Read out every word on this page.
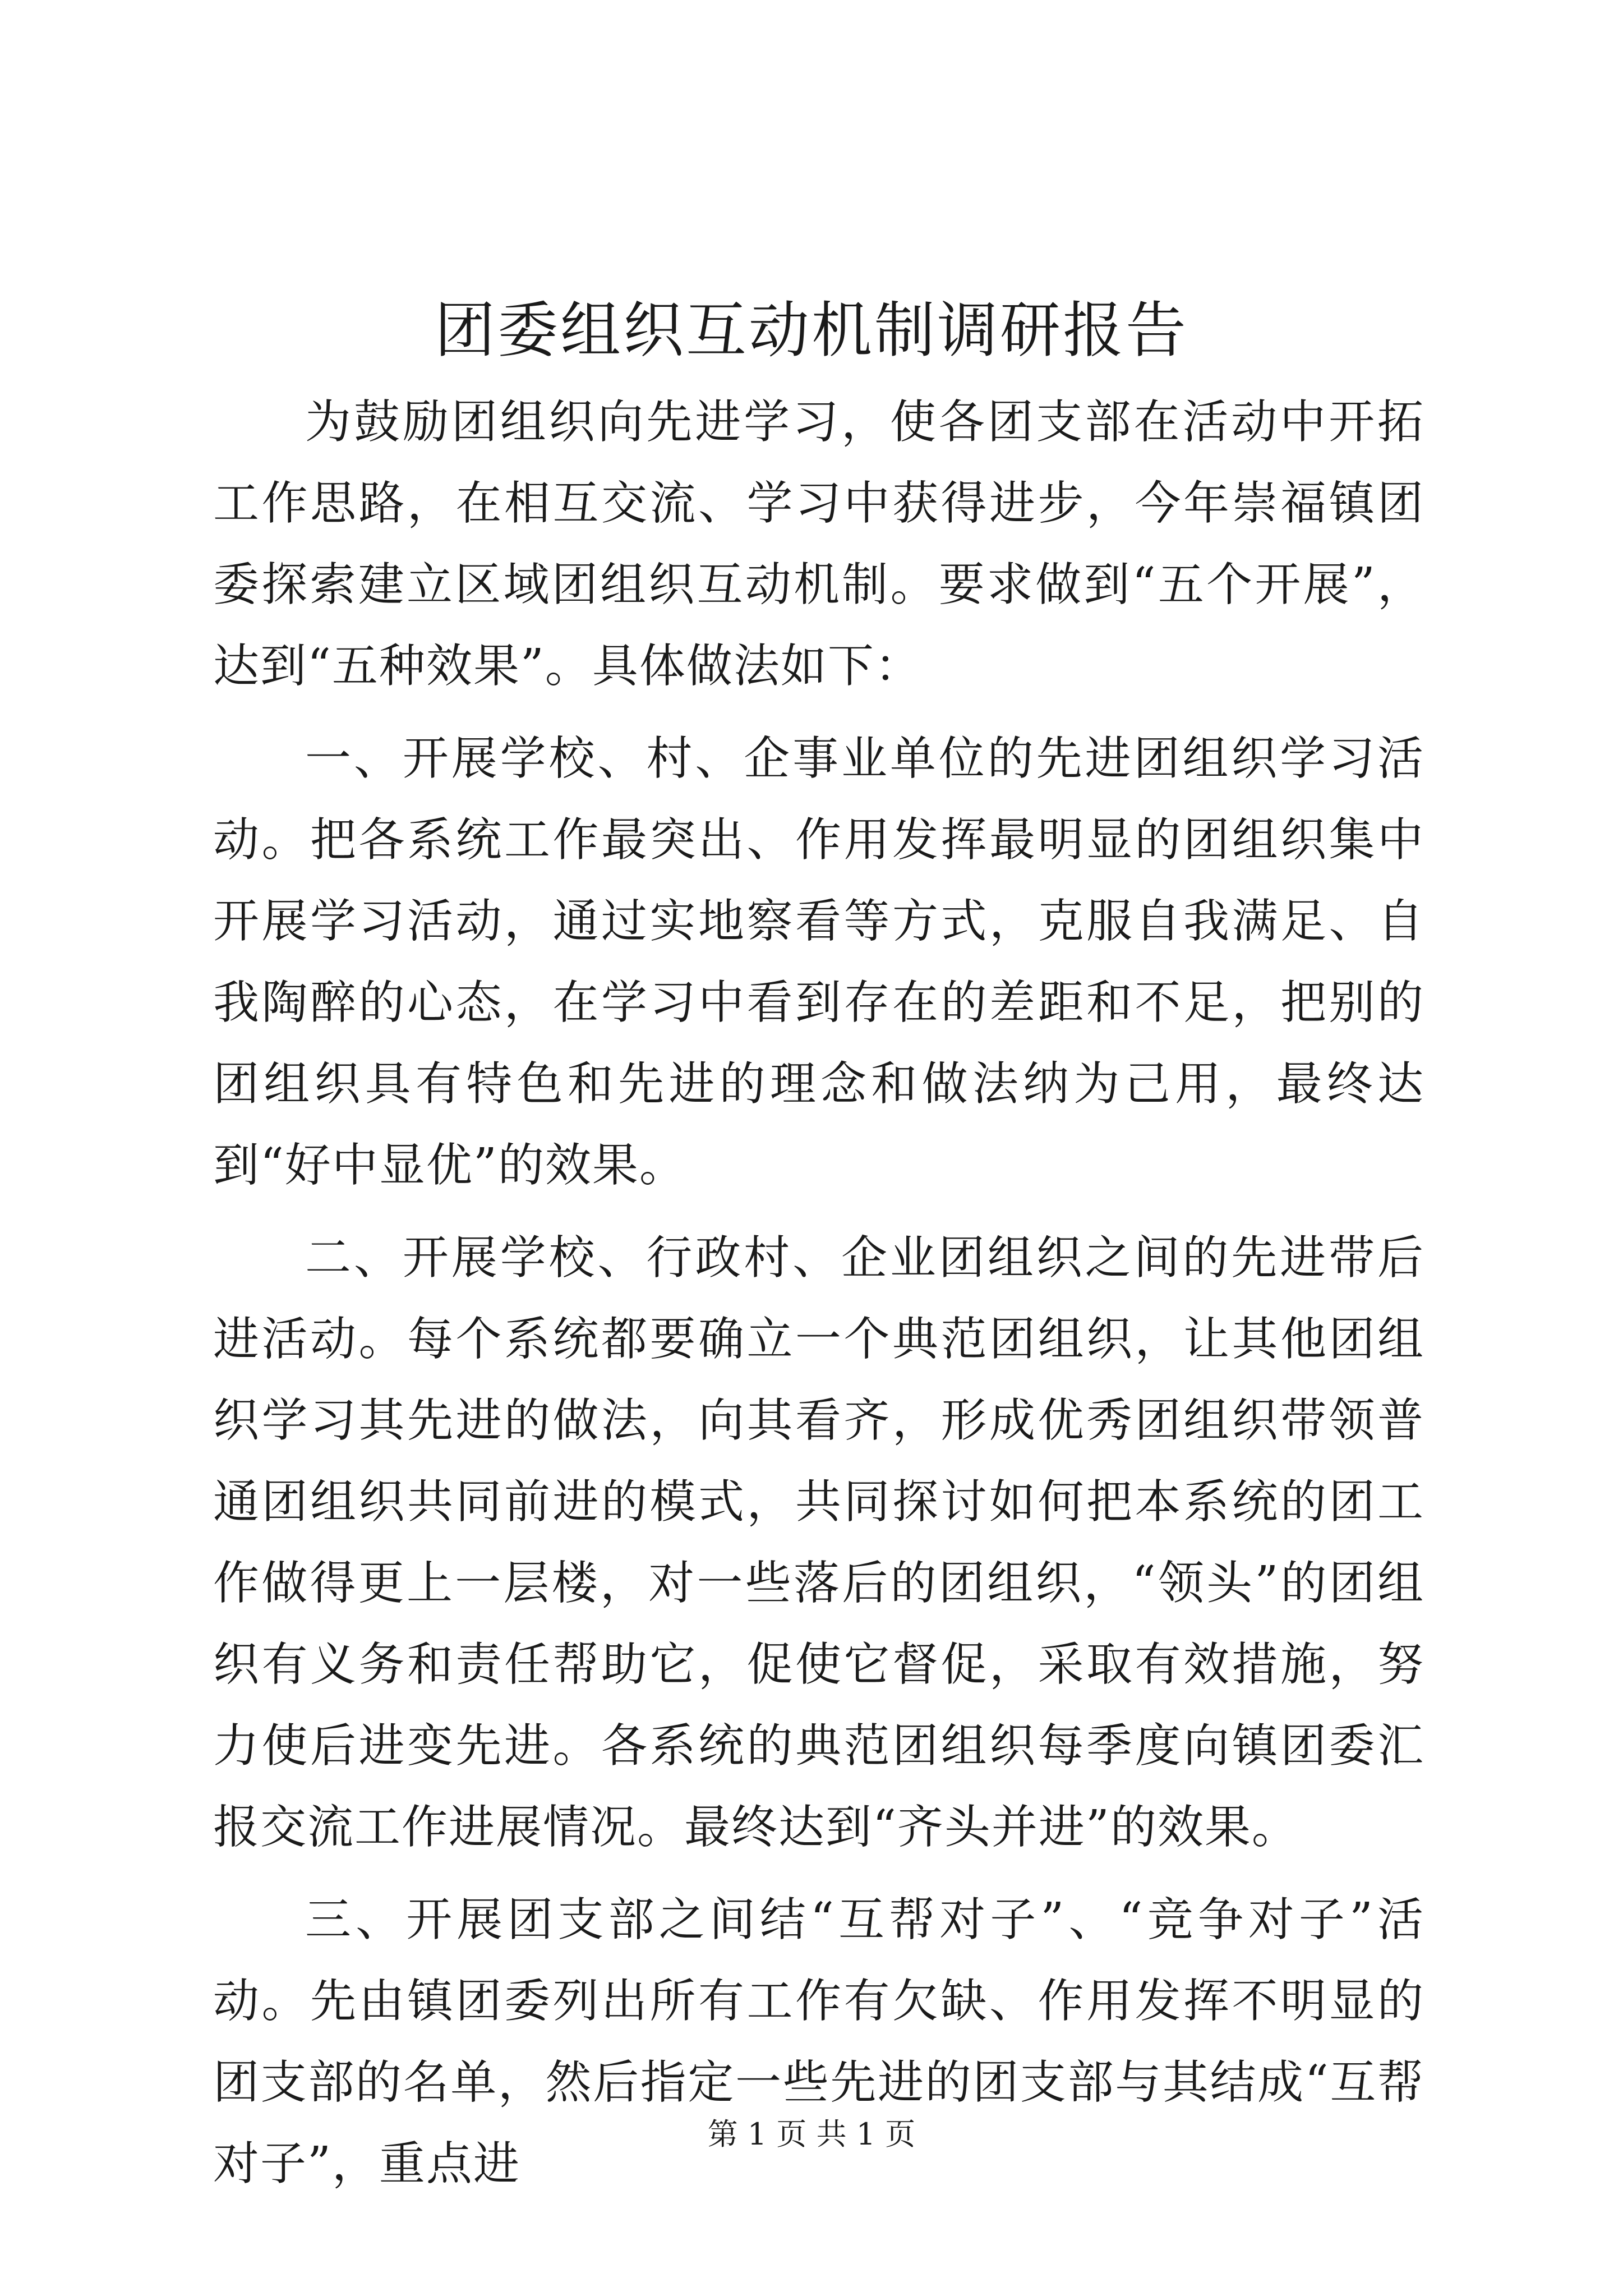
团委组织互动机制调研报告

为鼓励团组织向先进学习，使各团支部在活动中开拓工作思路，在相互交流、学习中获得进步，今年崇福镇团委探索建立区域团组织互动机制。要求做到“五个开展”，达到“五种效果”。具体做法如下：

一、开展学校、村、企事业单位的先进团组织学习活动。把各系统工作最突出、作用发挥最明显的团组织集中开展学习活动，通过实地察看等方式，克服自我满足、自我陶醉的心态，在学习中看到存在的差距和不足，把别的团组织具有特色和先进的理念和做法纳为己用，最终达到“好中显优”的效果。

二、开展学校、行政村、企业团组织之间的先进带后进活动。每个系统都要确立一个典范团组织，让其他团组织学习其先进的做法，向其看齐，形成优秀团组织带领普通团组织共同前进的模式，共同探讨如何把本系统的团工作做得更上一层楼，对一些落后的团组织，“领头”的团组织有义务和责任帮助它，促使它督促，采取有效措施，努力使后进变先进。各系统的典范团组织每季度向镇团委汇报交流工作进展情况。最终达到“齐头并进”的效果。

三、开展团支部之间结“互帮对子”、“竞争对子”活动。先由镇团委列出所有工作有欠缺、作用发挥不明显的团支部的名单，然后指定一些先进的团支部与其结成“互帮对子”，重点进

第 1 页 共 1 页
